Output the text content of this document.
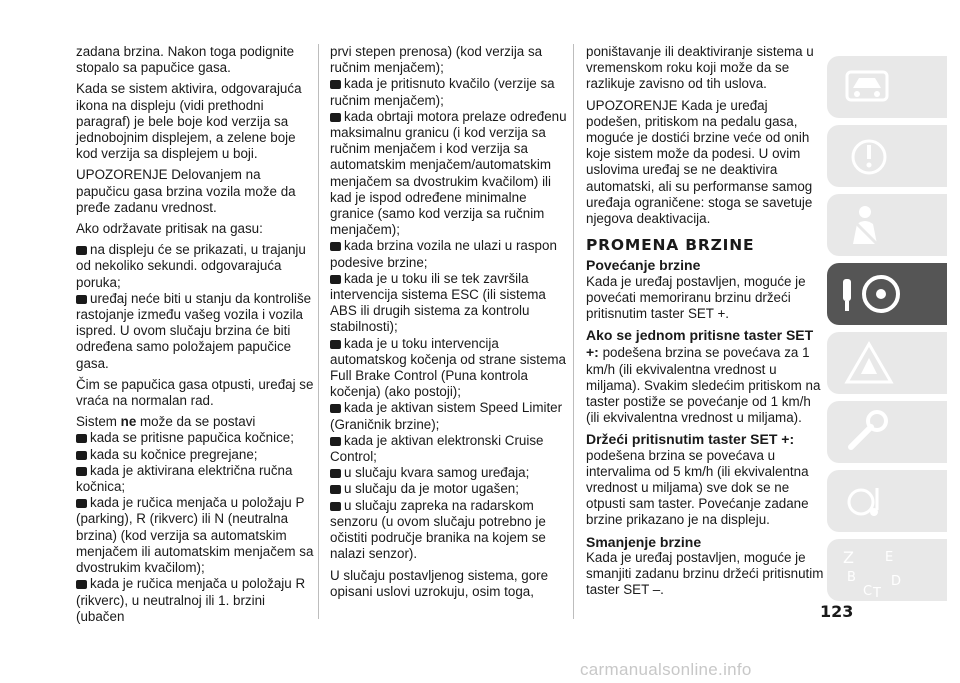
zadana brzina. Nakon toga podignite stopalo sa papučice gasa.

Kada se sistem aktivira, odgovarajuća ikona na displeju (vidi prethodni paragraf) je bele boje kod verzija sa jednobojnim displejem, a zelene boje kod verzija sa displejem u boji.

UPOZORENJE Delovanjem na papučicu gasa brzina vozila može da pređe zadanu vrednost.

Ako održavate pritisak na gasu:

na displeju će se prikazati, u trajanju od nekoliko sekundi. odgovarajuća poruka;

uređaj neće biti u stanju da kontroliše rastojanje između vašeg vozila i vozila ispred. U ovom slučaju brzina će biti određena samo položajem papučice gasa.

Čim se papučica gasa otpusti, uređaj se vraća na normalan rad.

Sistem ne može da se postavi

kada se pritisne papučica kočnice;

kada su kočnice pregrejane;

kada je aktivirana električna ručna kočnica;

kada je ručica menjača u položaju P (parking), R (rikverc) ili N (neutralna brzina) (kod verzija sa automatskim menjačem ili automatskim menjačem sa dvostrukim kvačilom);

kada je ručica menjača u položaju R (rikverc), u neutralnoj ili 1. brzini (ubačen

prvi stepen prenosa) (kod verzija sa ručnim menjačem);

kada je pritisnuto kvačilo (verzije sa ručnim menjačem);

kada obrtaji motora prelaze određenu maksimalnu granicu (i kod verzija sa ručnim menjačem i kod verzija sa automatskim menjačem/automatskim menjačem sa dvostrukim kvačilom) ili kad je ispod određene minimalne granice (samo kod verzija sa ručnim menjačem);

kada brzina vozila ne ulazi u raspon podesive brzine;

kada je u toku ili se tek završila intervencija sistema ESC (ili sistema ABS ili drugih sistema za kontrolu stabilnosti);

kada je u toku intervencija automatskog kočenja od strane sistema Full Brake Control (Puna kontrola kočenja) (ako postoji);

kada je aktivan sistem Speed Limiter (Graničnik brzine);

kada je aktivan elektronski Cruise Control;

u slučaju kvara samog uređaja;

u slučaju da je motor ugašen;

u slučaju zapreka na radarskom senzoru (u ovom slučaju potrebno je očistiti područje branika na kojem se nalazi senzor).

U slučaju postavljenog sistema, gore opisani uslovi uzrokuju, osim toga,

poništavanje ili deaktiviranje sistema u vremenskom roku koji može da se razlikuje zavisno od tih uslova.

UPOZORENJE Kada je uređaj podešen, pritiskom na pedalu gasa, moguće je dostići brzine veće od onih koje sistem može da podesi. U ovim uslovima uređaj se ne deaktivira automatski, ali su performanse samog uređaja ograničene: stoga se savetuje njegova deaktivacija.

PROMENA BRZINE
Povećanje brzine

Kada je uređaj postavljen, moguće je povećati memoriranu brzinu držeći pritisnutim taster SET +.

Ako se jednom pritisne taster SET +: podešena brzina se povećava za 1 km/h (ili ekvivalentna vrednost u miljama). Svakim sledećim pritiskom na taster postiže se povećanje od 1 km/h (ili ekvivalentna vrednost u miljama).

Držeći pritisnutim taster SET +:

podešena brzina se povećava u intervalima od 5 km/h (ili ekvivalentna vrednost u miljama) sve dok se ne otpusti sam taster. Povećanje zadane brzine prikazano je na displeju.

Smanjenje brzine

Kada je uređaj postavljen, moguće je smanjiti zadanu brzinu držeći pritisnutim taster SET –.

Z E
B
C T
D
123
carmanualsonline.info
